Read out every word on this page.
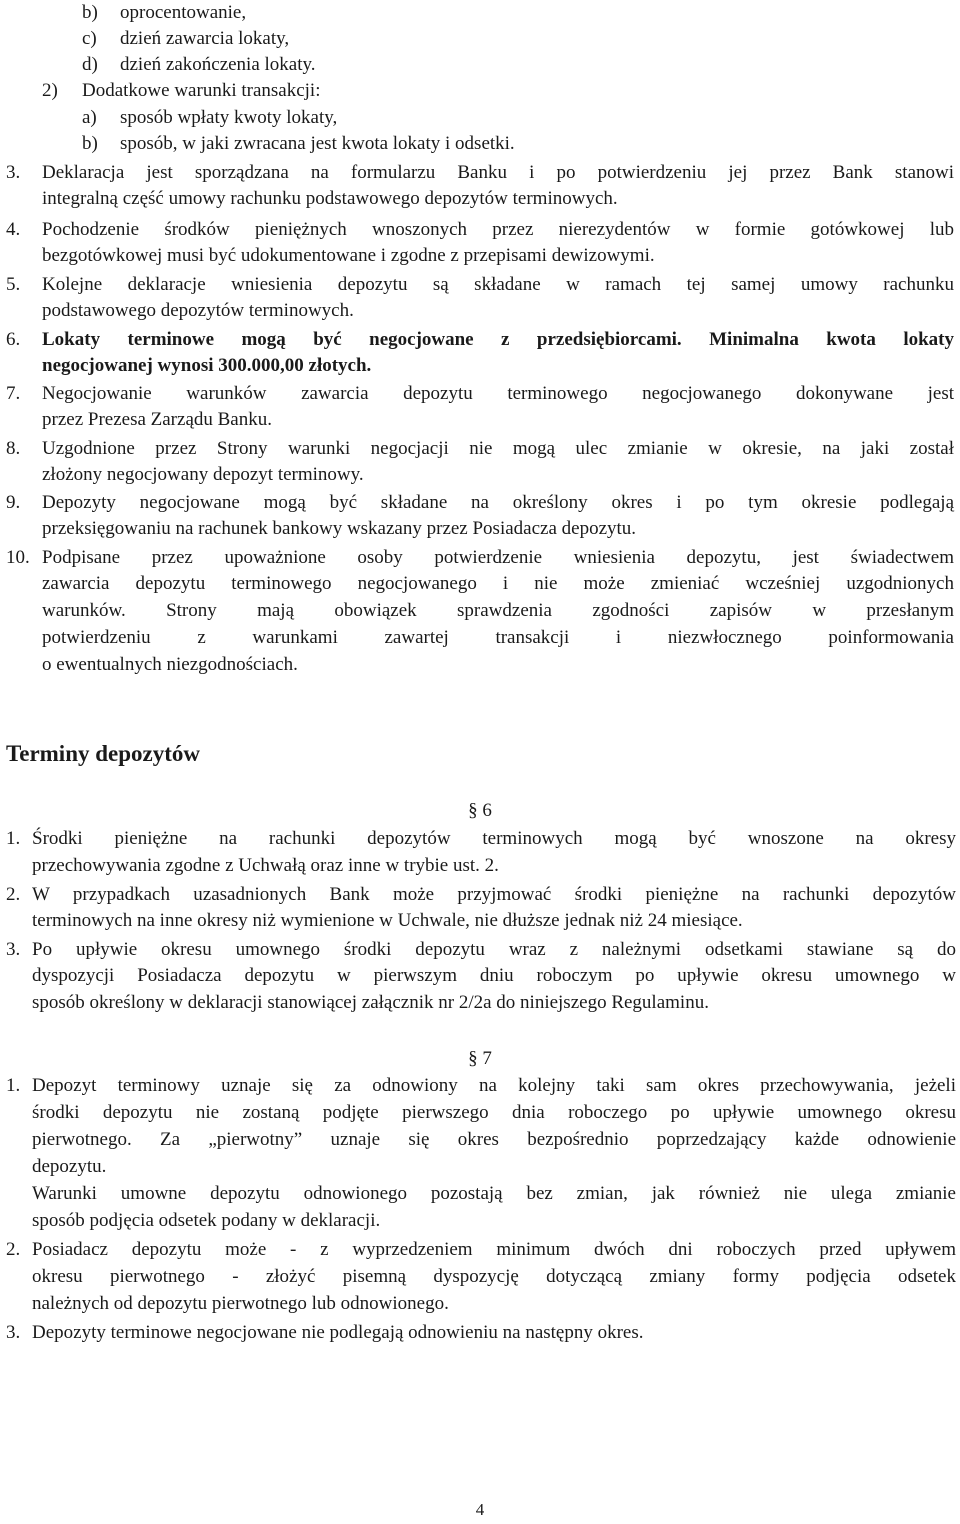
b) oprocentowanie,
c) dzień zawarcia lokaty,
d) dzień zakończenia lokaty.
2) Dodatkowe warunki transakcji:
a) sposób wpłaty kwoty lokaty,
b) sposób, w jaki zwracana jest kwota lokaty i odsetki.
3. Deklaracja jest sporządzana na formularzu Banku i po potwierdzeniu jej przez Bank stanowi
integralną część umowy rachunku podstawowego depozytów terminowych.
4. Pochodzenie środków pieniężnych wnoszonych przez nierezydentów w formie gotówkowej lub
bezgotówkowej musi być udokumentowane i zgodne z przepisami dewizowymi.
5. Kolejne deklaracje wniesienia depozytu są składane w ramach tej samej umowy rachunku
podstawowego depozytów terminowych.
6. Lokaty terminowe mogą być negocjowane z przedsiębiorcami. Minimalna kwota lokaty
negocjowanej wynosi 300.000,00 złotych.
7. Negocjowanie warunków zawarcia depozytu terminowego negocjowanego dokonywane jest
przez Prezesa Zarządu Banku.
8. Uzgodnione przez Strony warunki negocjacji nie mogą ulec zmianie w okresie, na jaki został
złożony negocjowany depozyt terminowy.
9. Depozyty negocjowane mogą być składane na określony okres i po tym okresie podlegają
przeksięgowaniu na rachunek bankowy wskazany przez Posiadacza depozytu.
10. Podpisane przez upoważnione osoby potwierdzenie wniesienia depozytu, jest świadectwem
zawarcia depozytu terminowego negocjowanego i nie może zmieniać wcześniej uzgodnionych
warunków. Strony mają obowiązek sprawdzenia zgodności zapisów w przesłanym
potwierdzeniu z warunkami zawartej transakcji i niezwłocznego poinformowania
o ewentualnych niezgodnościach.
Terminy depozytów
§ 6
1. Środki pieniężne na rachunki depozytów terminowych mogą być wnoszone na okresy
przechowywania zgodne z Uchwałą oraz inne w trybie ust. 2.
2. W przypadkach uzasadnionych Bank może przyjmować środki pieniężne na rachunki depozytów
terminowych na inne okresy niż wymienione w Uchwale, nie dłuższe jednak niż 24 miesiące.
3. Po upływie okresu umownego środki depozytu wraz z należnymi odsetkami stawiane są do
dyspozycji Posiadacza depozytu w pierwszym dniu roboczym po upływie okresu umownego w
sposób określony w deklaracji stanowiącej załącznik nr 2/2a do niniejszego Regulaminu.
§ 7
1. Depozyt terminowy uznaje się za odnowiony na kolejny taki sam okres przechowywania, jeżeli
środki depozytu nie zostaną podjęte pierwszego dnia roboczego po upływie umownego okresu
pierwotnego. Za „pierwotny” uznaje się okres bezpośrednio poprzedzający każde odnowienie
depozytu.
Warunki umowne depozytu odnowionego pozostają bez zmian, jak również nie ulega zmianie
sposób podjęcia odsetek podany w deklaracji.
2. Posiadacz depozytu może - z wyprzedzeniem minimum dwóch dni roboczych przed upływem
okresu pierwotnego - złożyć pisemną dyspozycję dotyczącą zmiany formy podjęcia odsetek
należnych od depozytu pierwotnego lub odnowionego.
3. Depozyty terminowe negocjowane nie podlegają odnowieniu na następny okres.
4
